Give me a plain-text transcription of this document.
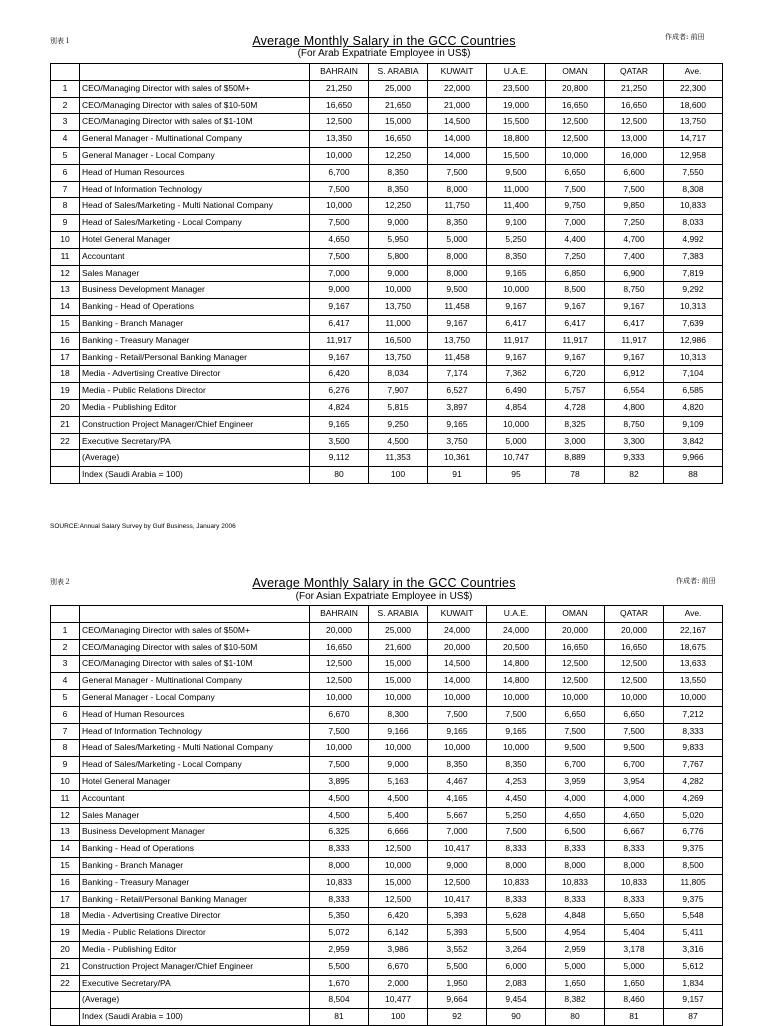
別表１	作成者: 前田
Average Monthly Salary in the GCC Countries
(For Arab Expatriate Employee in US$)
		BAHRAIN	S. ARABIA	KUWAIT	U.A.E.	OMAN	QATAR	Ave.
1	CEO/Managing Director with sales of $50M+	21,250	25,000	22,000	23,500	20,800	21,250	22,300
2	CEO/Managing Director with sales of $10-50M	16,650	21,650	21,000	19,000	16,650	16,650	18,600
3	CEO/Managing Director with sales of $1-10M	12,500	15,000	14,500	15,500	12,500	12,500	13,750
4	General Manager - Multinational Company	13,350	16,650	14,000	18,800	12,500	13,000	14,717
5	General Manager - Local Company	10,000	12,250	14,000	15,500	10,000	16,000	12,958
6	Head of Human Resources	6,700	8,350	7,500	9,500	6,650	6,600	7,550
7	Head of Information Technology	7,500	8,350	8,000	11,000	7,500	7,500	8,308
8	Head of Sales/Marketing - Multi National Company	10,000	12,250	11,750	11,400	9,750	9,850	10,833
9	Head of Sales/Marketing - Local Company	7,500	9,000	8,350	9,100	7,000	7,250	8,033
10	Hotel General Manager	4,650	5,950	5,000	5,250	4,400	4,700	4,992
11	Accountant	7,500	5,800	8,000	8,350	7,250	7,400	7,383
12	Sales Manager	7,000	9,000	8,000	9,165	6,850	6,900	7,819
13	Business Development Manager	9,000	10,000	9,500	10,000	8,500	8,750	9,292
14	Banking - Head of Operations	9,167	13,750	11,458	9,167	9,167	9,167	10,313
15	Banking - Branch Manager	6,417	11,000	9,167	6,417	6,417	6,417	7,639
16	Banking - Treasury Manager	11,917	16,500	13,750	11,917	11,917	11,917	12,986
17	Banking - Retail/Personal Banking Manager	9,167	13,750	11,458	9,167	9,167	9,167	10,313
18	Media - Advertising Creative Director	6,420	8,034	7,174	7,362	6,720	6,912	7,104
19	Media - Public Relations Director	6,276	7,907	6,527	6,490	5,757	6,554	6,585
20	Media - Publishing Editor	4,824	5,815	3,897	4,854	4,728	4,800	4,820
21	Construction Project Manager/Chief Engineer	9,165	9,250	9,165	10,000	8,325	8,750	9,109
22	Executive Secretary/PA	3,500	4,500	3,750	5,000	3,000	3,300	3,842
	(Average)	9,112	11,353	10,361	10,747	8,889	9,333	9,966
	Index (Saudi Arabia = 100)	80	100	91	95	78	82	88
SOURCE:Annual Salary Survey by Gulf Business, January 2006
別表２	作成者: 前田
Average Monthly Salary in the GCC Countries
(For Asian Expatriate Employee in US$)
		BAHRAIN	S. ARABIA	KUWAIT	U.A.E.	OMAN	QATAR	Ave.
1	CEO/Managing Director with sales of $50M+	20,000	25,000	24,000	24,000	20,000	20,000	22,167
2	CEO/Managing Director with sales of $10-50M	16,650	21,600	20,000	20,500	16,650	16,650	18,675
3	CEO/Managing Director with sales of $1-10M	12,500	15,000	14,500	14,800	12,500	12,500	13,633
4	General Manager - Multinational Company	12,500	15,000	14,000	14,800	12,500	12,500	13,550
5	General Manager - Local Company	10,000	10,000	10,000	10,000	10,000	10,000	10,000
6	Head of Human Resources	6,670	8,300	7,500	7,500	6,650	6,650	7,212
7	Head of Information Technology	7,500	9,166	9,165	9,165	7,500	7,500	8,333
8	Head of Sales/Marketing - Multi National Company	10,000	10,000	10,000	10,000	9,500	9,500	9,833
9	Head of Sales/Marketing - Local Company	7,500	9,000	8,350	8,350	6,700	6,700	7,767
10	Hotel General Manager	3,895	5,163	4,467	4,253	3,959	3,954	4,282
11	Accountant	4,500	4,500	4,165	4,450	4,000	4,000	4,269
12	Sales Manager	4,500	5,400	5,667	5,250	4,650	4,650	5,020
13	Business Development Manager	6,325	6,666	7,000	7,500	6,500	6,667	6,776
14	Banking - Head of Operations	8,333	12,500	10,417	8,333	8,333	8,333	9,375
15	Banking - Branch Manager	8,000	10,000	9,000	8,000	8,000	8,000	8,500
16	Banking - Treasury Manager	10,833	15,000	12,500	10,833	10,833	10,833	11,805
17	Banking - Retail/Personal Banking Manager	8,333	12,500	10,417	8,333	8,333	8,333	9,375
18	Media - Advertising Creative Director	5,350	6,420	5,393	5,628	4,848	5,650	5,548
19	Media - Public Relations Director	5,072	6,142	5,393	5,500	4,954	5,404	5,411
20	Media - Publishing Editor	2,959	3,986	3,552	3,264	2,959	3,178	3,316
21	Construction Project Manager/Chief Engineer	5,500	6,670	5,500	6,000	5,000	5,000	5,612
22	Executive Secretary/PA	1,670	2,000	1,950	2,083	1,650	1,650	1,834
	(Average)	8,504	10,477	9,664	9,454	8,382	8,460	9,157
	Index (Saudi Arabia = 100)	81	100	92	90	80	81	87
